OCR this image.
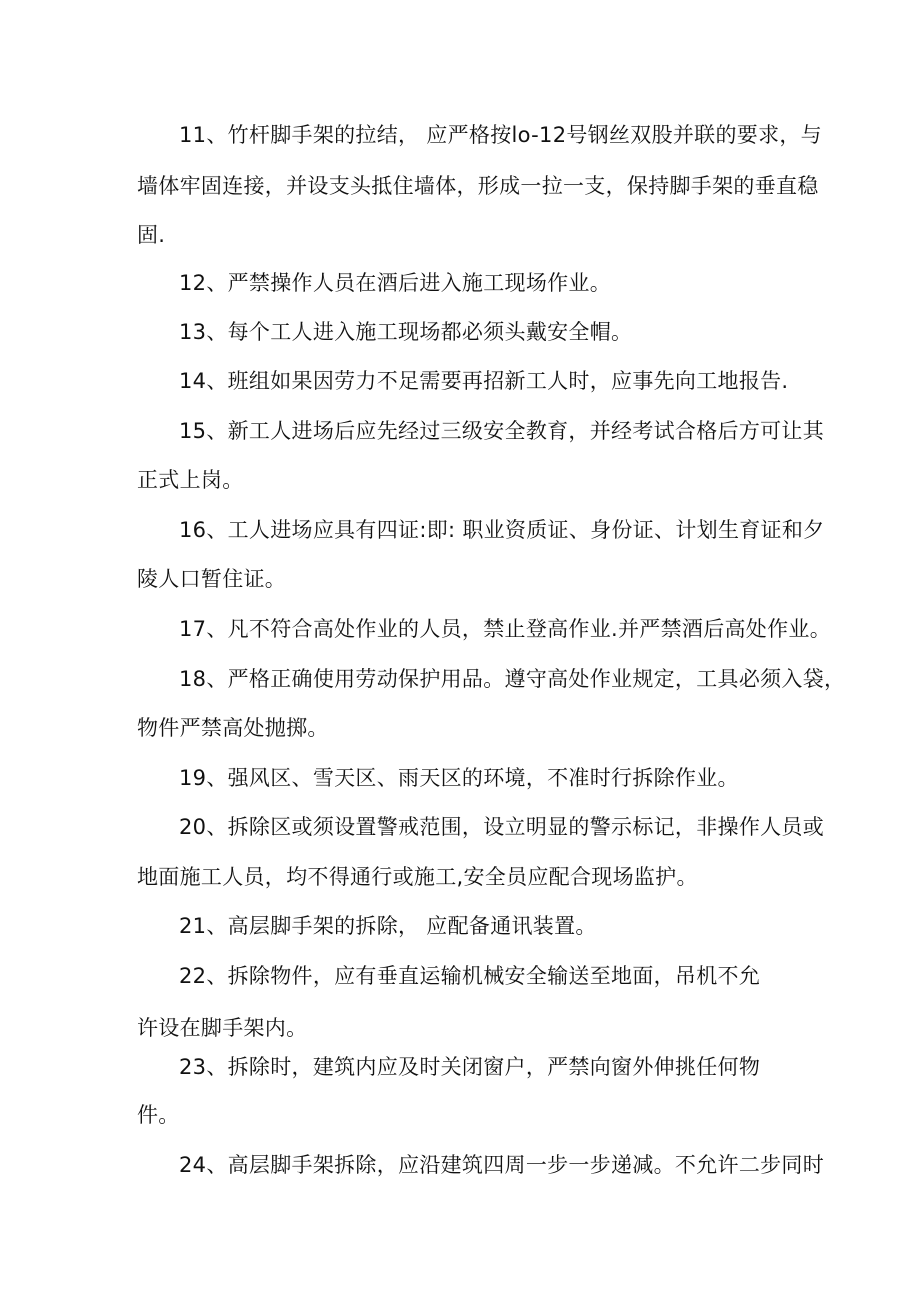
11、竹杆脚手架的拉结， 应严格按lo-12号钢丝双股并联的要求，与
墙体牢固连接，并设支头抵住墙体，形成一拉一支，保持脚手架的垂直稳
固.
12、严禁操作人员在酒后进入施工现场作业。
13、每个工人进入施工现场都必须头戴安全帽。
14、班组如果因劳力不足需要再招新工人时，应事先向工地报告.
15、新工人进场后应先经过三级安全教育，并经考试合格后方可让其
正式上岗。
16、工人进场应具有四证:即: 职业资质证、身份证、计划生育证和夕
陵人口暂住证。
17、凡不符合高处作业的人员，禁止登高作业.并严禁酒后高处作业。
18、严格正确使用劳动保护用品。遵守高处作业规定，工具必须入袋，
物件严禁高处抛掷。
19、强风区、雪天区、雨天区的环境，不准时行拆除作业。
20、拆除区或须设置警戒范围，设立明显的警示标记，非操作人员或
地面施工人员，均不得通行或施工,安全员应配合现场监护。
21、高层脚手架的拆除， 应配备通讯装置。
22、拆除物件，应有垂直运输机械安全输送至地面，吊机不允
许设在脚手架内。
23、拆除时，建筑内应及时关闭窗户，严禁向窗外伸挑任何物
件。
24、高层脚手架拆除，应沿建筑四周一步一步递减。不允许二步同时
